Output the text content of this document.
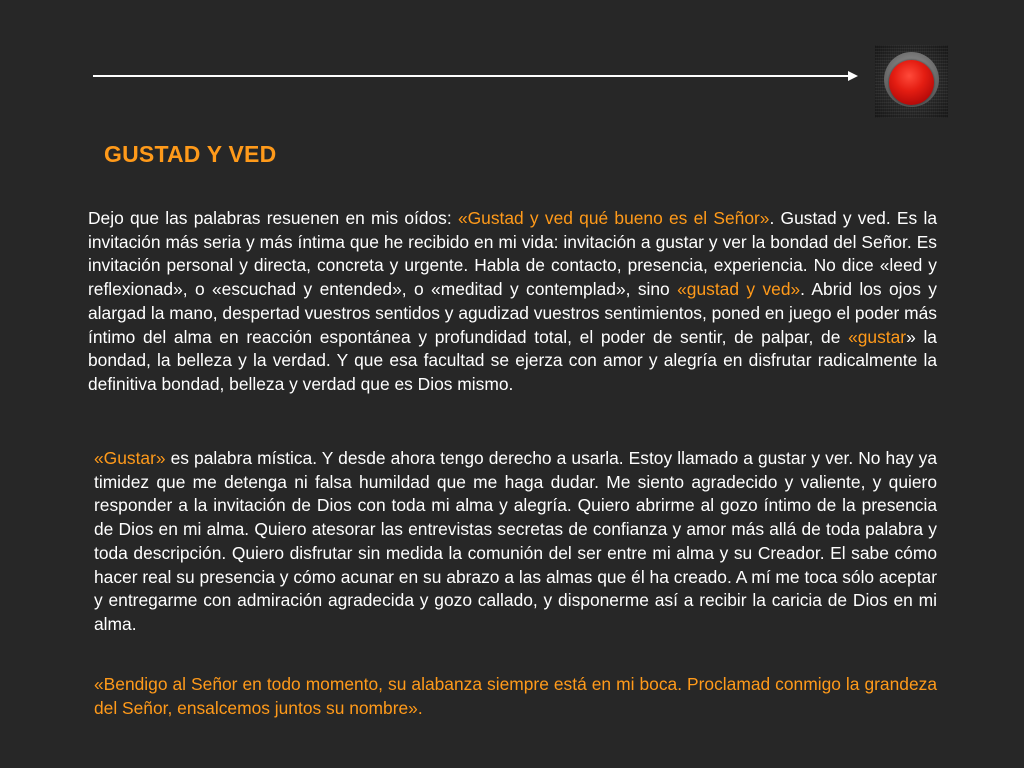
GUSTAD Y VED

Dejo que las palabras resuenen en mis oídos: «Gustad y ved qué bueno es el Señor». Gustad y ved. Es la invitación más seria y más íntima que he recibido en mi vida: invitación a gustar y ver la bondad del Señor. Es invitación personal y directa, concreta y urgente. Habla de contacto, presencia, experiencia. No dice «leed y reflexionad», o «escuchad y entended», o «meditad y contemplad», sino «gustad y ved». Abrid los ojos y alargad la mano, despertad vuestros sentidos y agudizad vuestros sentimientos, poned en juego el poder más íntimo del alma en reacción espontánea y profundidad total, el poder de sentir, de palpar, de «gustar» la bondad, la belleza y la verdad. Y que esa facultad se ejerza con amor y alegría en disfrutar radicalmente la definitiva bondad, belleza y verdad que es Dios mismo.

«Gustar» es palabra mística. Y desde ahora tengo derecho a usarla. Estoy llamado a gustar y ver. No hay ya timidez que me detenga ni falsa humildad que me haga dudar. Me siento agradecido y valiente, y quiero responder a la invitación de Dios con toda mi alma y alegría. Quiero abrirme al gozo íntimo de la presencia de Dios en mi alma. Quiero atesorar las entrevistas secretas de confianza y amor más allá de toda palabra y toda descripción. Quiero disfrutar sin medida la comunión del ser entre mi alma y su Creador. El sabe cómo hacer real su presencia y cómo acunar en su abrazo a las almas que él ha creado. A mí me toca sólo aceptar y entregarme con admiración agradecida y gozo callado, y disponerme así a recibir la caricia de Dios en mi alma.

«Bendigo al Señor en todo momento, su alabanza siempre está en mi boca. Proclamad conmigo la grandeza del Señor, ensalcemos juntos su nombre».
